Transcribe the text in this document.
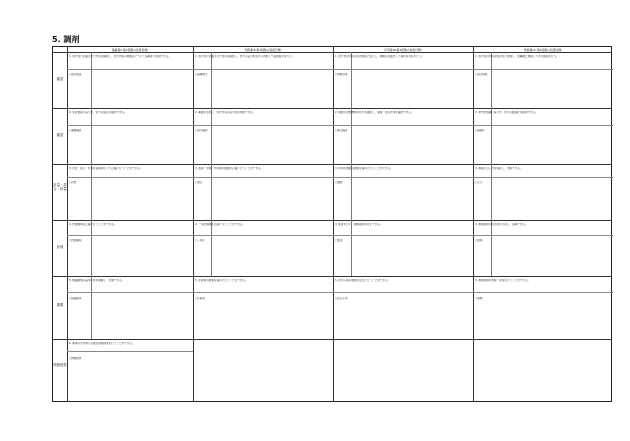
5. 調剤
基礎薬(Ⅰ:第1段階の到達目標)	実践薬(Ⅱ:第2段階の到達目標)	応用薬(Ⅲ:第3段階の到達目標)	発展薬(Ⅳ:第4段階の到達目標)
確認
1. 処方箋に記載された内容を確認し、処方内容の問題点について指導者に説明できる。	1. 処方箋に記載された内容を確認し、処方の妥当性を自ら判断して疑義照会を行う。	1. 処方箋の内容を患者情報と照合し、問題点を抽出して適切な対応を行う。	1. 処方箋の内容を総合的に評価し、他職種と連携して処方提案を行う。
□処方監査	□疑義照会	□情報収集	□処方提案
確認
2. 患者情報に基づき、処方の適正を確認できる。	2. 薬歴を活用し、処方内容の妥当性を判断できる。	2. 複数の医療機関の処方を確認し、重複・相互作用を確認できる。	2. 専門的知識に基づき、処方の最適化を提案できる。
□薬歴確認	□処方確認	□照合確認	□最適化
計量・混合・秤量
3. 計量・混合・秤量を指導者の下で正確に行うことができる。	3. 散剤・水剤・外用剤の調製を正確に行うことができる。	3. 特殊な製剤の調製を適切に行うことができる。	3. 調剤上の工夫を提案し、実践できる。
□計量	□混合	□調製	□工夫
計数
4. 計数調剤を正確に行うことができる。	4. 一包化調剤を正確に行うことができる。	4. 監査を行い、調剤過誤を防止できる。	4. 調剤過誤の防止策を立案し、指導できる。
□計数調剤	□一包化	□監査	□指導
調製
5. 無菌調製の基本手技を理解し、実施できる。	5. 注射剤の調製を適切に行うことができる。	5. 抗がん剤の調製を安全に行うことができる。	5. 調製業務の管理・改善を行うことができる。
□無菌操作	□注射剤	□抗がん剤	□管理
情報提供
6. 薬剤の交付時に必要な情報提供を行うことができる。
□情報提供
